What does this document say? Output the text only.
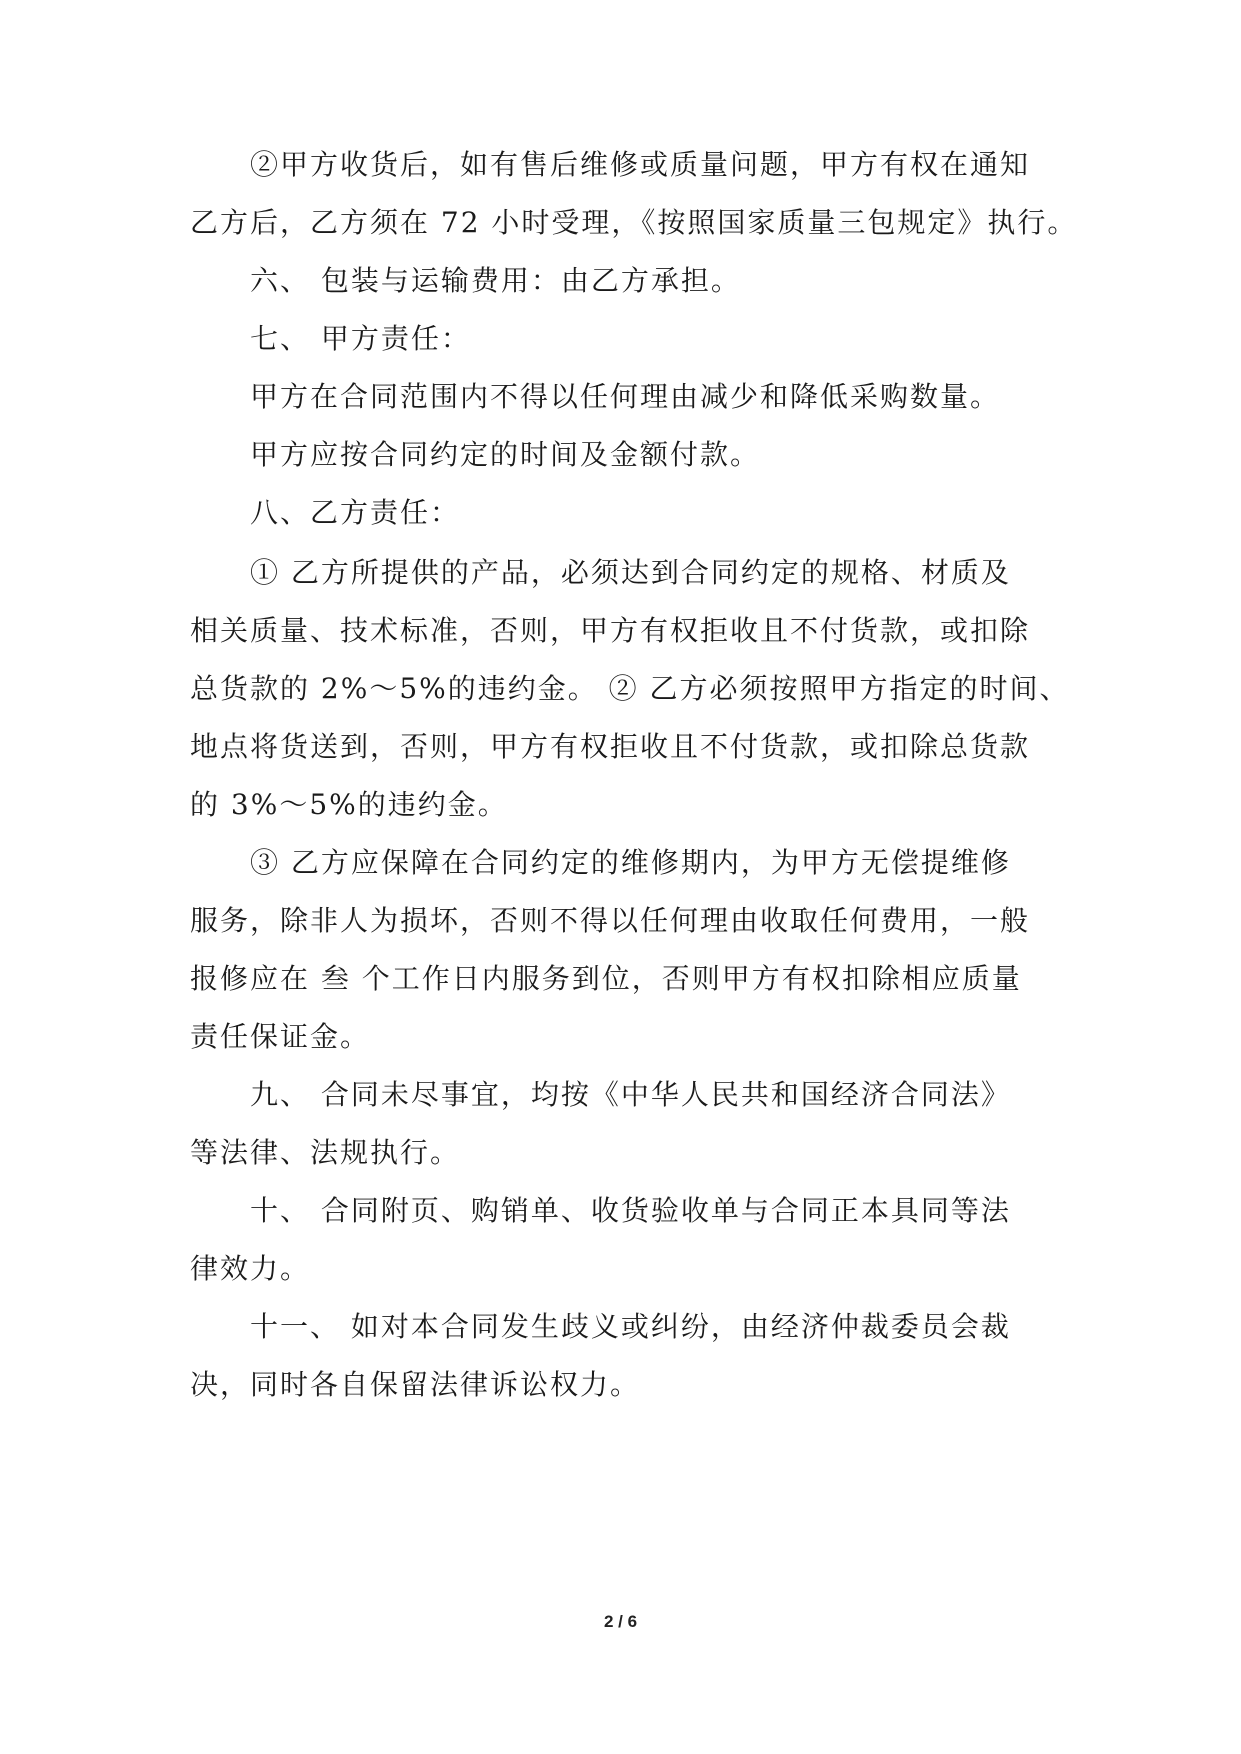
②甲方收货后，如有售后维修或质量问题，甲方有权在通知
乙方后，乙方须在 72 小时受理，《按照国家质量三包规定》执行。
六、 包装与运输费用：由乙方承担。
七、 甲方责任：
甲方在合同范围内不得以任何理由减少和降低采购数量。
甲方应按合同约定的时间及金额付款。
八、乙方责任：
① 乙方所提供的产品，必须达到合同约定的规格、材质及
相关质量、技术标准，否则，甲方有权拒收且不付货款，或扣除
总货款的 2%～5%的违约金。 ② 乙方必须按照甲方指定的时间、
地点将货送到，否则，甲方有权拒收且不付货款，或扣除总货款
的 3%～5%的违约金。
③ 乙方应保障在合同约定的维修期内，为甲方无偿提维修
服务，除非人为损坏，否则不得以任何理由收取任何费用，一般
报修应在 叁 个工作日内服务到位，否则甲方有权扣除相应质量
责任保证金。
九、 合同未尽事宜，均按《中华人民共和国经济合同法》
等法律、法规执行。
十、 合同附页、购销单、收货验收单与合同正本具同等法
律效力。
十一、 如对本合同发生歧义或纠纷，由经济仲裁委员会裁
决，同时各自保留法律诉讼权力。
2 / 6
